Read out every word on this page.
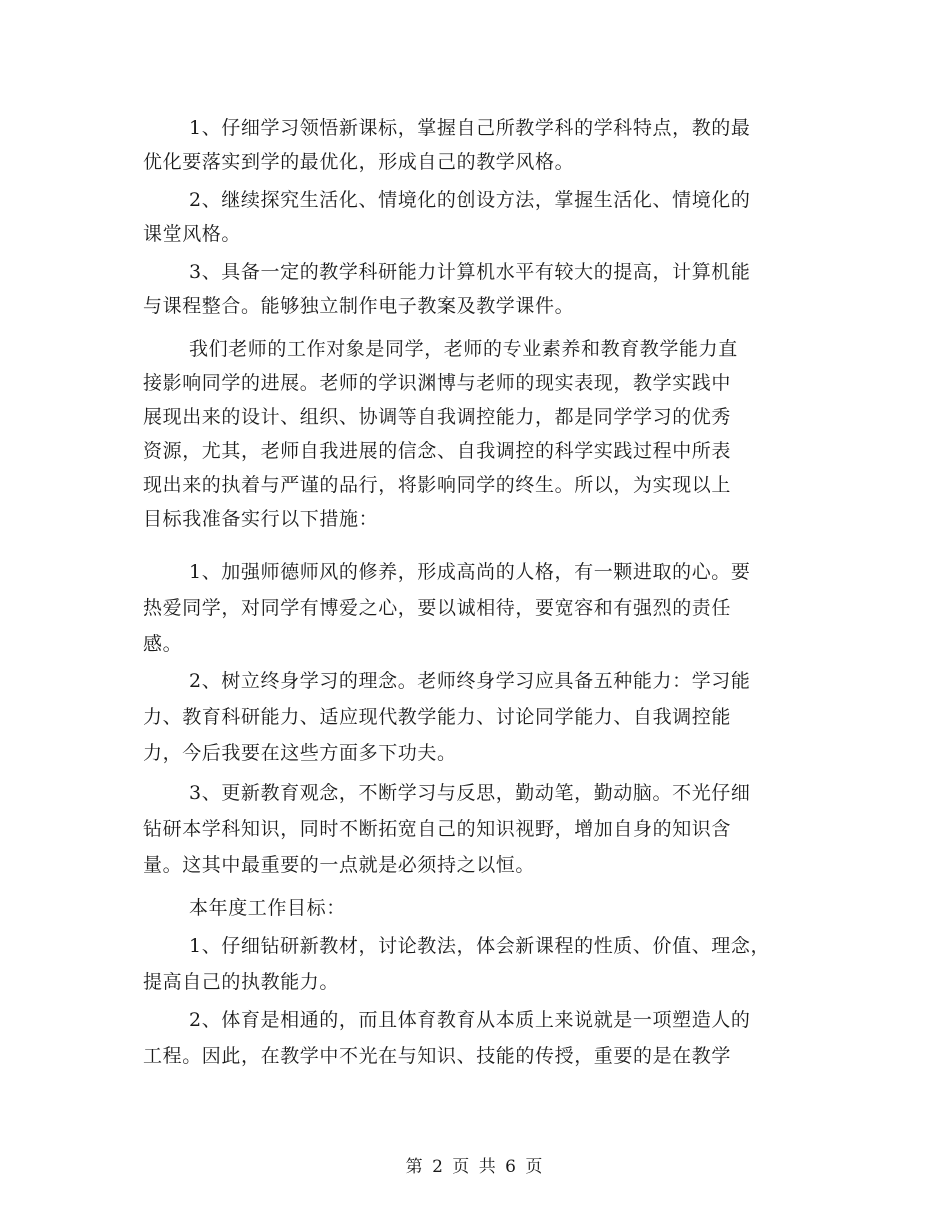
1、仔细学习领悟新课标，掌握自己所教学科的学科特点，教的最
优化要落实到学的最优化，形成自己的教学风格。
2、继续探究生活化、情境化的创设方法，掌握生活化、情境化的
课堂风格。
3、具备一定的教学科研能力计算机水平有较大的提高，计算机能
与课程整合。能够独立制作电子教案及教学课件。
我们老师的工作对象是同学，老师的专业素养和教育教学能力直
接影响同学的进展。老师的学识渊博与老师的现实表现，教学实践中
展现出来的设计、组织、协调等自我调控能力，都是同学学习的优秀
资源，尤其，老师自我进展的信念、自我调控的科学实践过程中所表
现出来的执着与严谨的品行，将影响同学的终生。所以，为实现以上
目标我准备实行以下措施：
1、加强师德师风的修养，形成高尚的人格，有一颗进取的心。要
热爱同学，对同学有博爱之心，要以诚相待，要宽容和有强烈的责任
感。
2、树立终身学习的理念。老师终身学习应具备五种能力：学习能
力、教育科研能力、适应现代教学能力、讨论同学能力、自我调控能
力，今后我要在这些方面多下功夫。
3、更新教育观念，不断学习与反思，勤动笔，勤动脑。不光仔细
钻研本学科知识，同时不断拓宽自己的知识视野，增加自身的知识含
量。这其中最重要的一点就是必须持之以恒。
本年度工作目标：
1、仔细钻研新教材，讨论教法，体会新课程的性质、价值、理念，
提高自己的执教能力。
2、体育是相通的，而且体育教育从本质上来说就是一项塑造人的
工程。因此，在教学中不光在与知识、技能的传授，重要的是在教学
第 2 页 共 6 页
